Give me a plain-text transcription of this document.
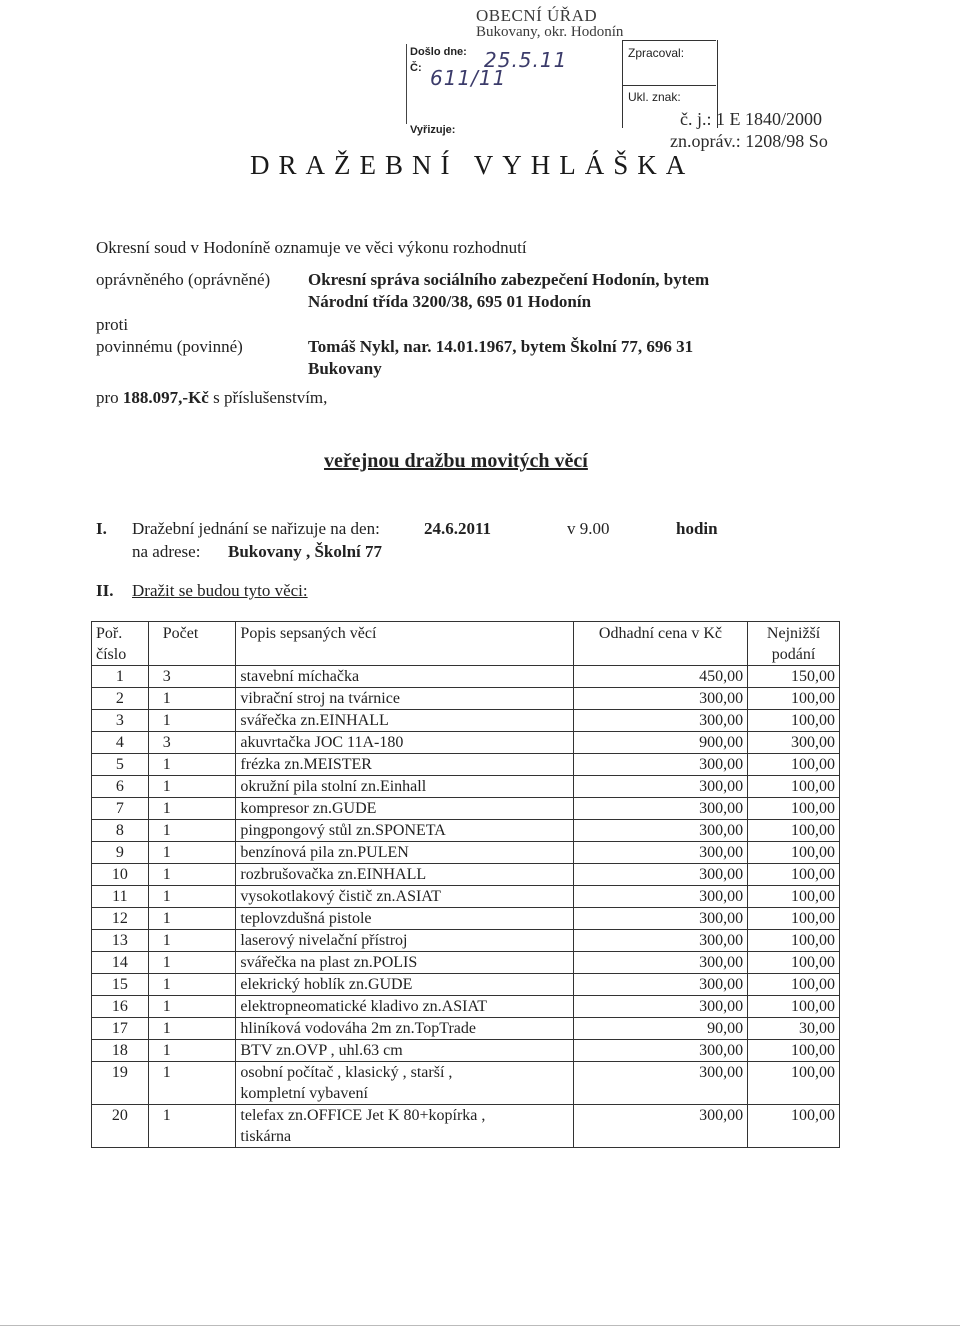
OBECNÍ ÚŘAD
Bukovany, okr. Hodonín
Došlo dne: 25.5.11
Č: 611/11
Vyřizuje:
Zpracoval:
Ukl. znak:
č. j.: 1 E 1840/2000
zn.opráv.: 1208/98 So
DRAŽEBNÍ VYHLÁŠKA
Okresní soud v Hodoníně oznamuje ve věci výkonu rozhodnutí
oprávněného (oprávněné) Okresní správa sociálního zabezpečení Hodonín, bytem
Národní třída 3200/38, 695 01 Hodonín
proti
povinnému (povinné)	Tomáš Nykl, nar. 14.01.1967, bytem Školní 77, 696 31
Bukovany
pro 188.097,-Kč s příslušenstvím,
veřejnou dražbu movitých věcí
I. Dražební jednání se nařizuje na den:	24.6.2011	v 9.00	hodin
na adrese: Bukovany , Školní 77
II. Dražit se budou tyto věci:
Poř. číslo	Počet	Popis sepsaných věcí	Odhadní cena v Kč	Nejnižší podání
1	3	stavební míchačka	450,00	150,00
2	1	vibrační stroj na tvárnice	300,00	100,00
3	1	svářečka zn.EINHALL	300,00	100,00
4	3	akuvrtačka JOC 11A-180	900,00	300,00
5	1	frézka zn.MEISTER	300,00	100,00
6	1	okružní pila stolní zn.Einhall	300,00	100,00
7	1	kompresor zn.GUDE	300,00	100,00
8	1	pingpongový stůl zn.SPONETA	300,00	100,00
9	1	benzínová pila zn.PULEN	300,00	100,00
10	1	rozbrušovačka zn.EINHALL	300,00	100,00
11	1	vysokotlakový čistič zn.ASIAT	300,00	100,00
12	1	teplovzdušná pistole	300,00	100,00
13	1	laserový nivelační přístroj	300,00	100,00
14	1	svářečka na plast zn.POLIS	300,00	100,00
15	1	elekrický hoblík zn.GUDE	300,00	100,00
16	1	elektropneomatické kladivo zn.ASIAT	300,00	100,00
17	1	hliníková vodováha 2m zn.TopTrade	90,00	30,00
18	1	BTV zn.OVP , uhl.63 cm	300,00	100,00
19	1	osobní počítač , klasický , starší ,
kompletní vybavení	300,00	100,00
20	1	telefax zn.OFFICE Jet K 80+kopírka ,
tiskárna	300,00	100,00
